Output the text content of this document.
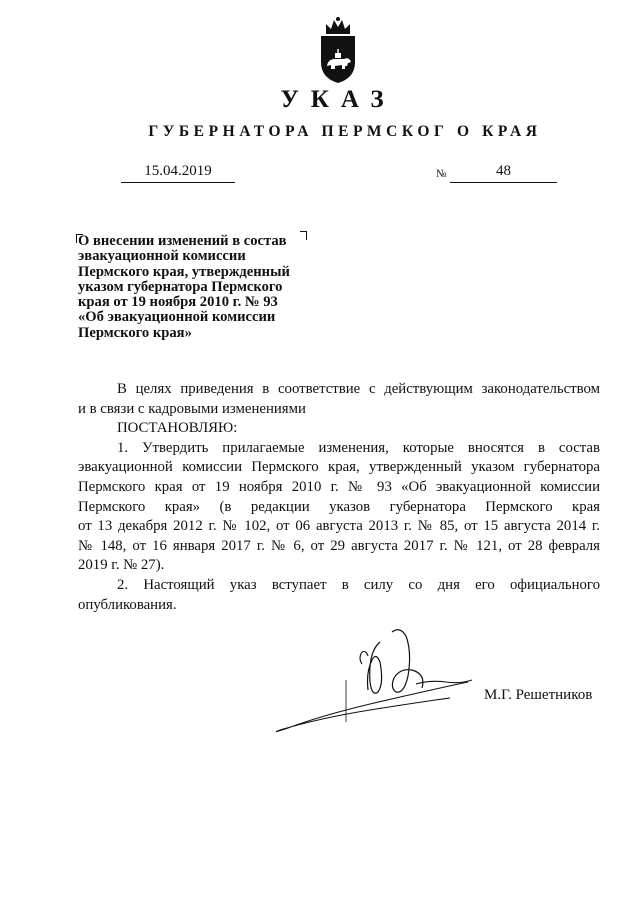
УКАЗ
ГУБЕРНАТОРА ПЕРМСКОГ О КРАЯ
15.04.2019	№	48
О внесении изменений в состав
эвакуационной комиссии
Пермского края, утвержденный
указом губернатора Пермского
края от 19 ноября 2010 г. № 93
«Об эвакуационной комиссии
Пермского края»
В целях приведения в соответствие с действующим законодательством
и в связи с кадровыми изменениями
ПОСТАНОВЛЯЮ:
1. Утвердить прилагаемые изменения, которые вносятся в состав
эвакуационной комиссии Пермского края, утвержденный указом губернатора
Пермского края от 19 ноября 2010 г. № 93 «Об эвакуационной комиссии
Пермского края» (в редакции указов губернатора Пермского края
от 13 декабря 2012 г. № 102, от 06 августа 2013 г. № 85, от 15 августа 2014 г.
№ 148, от 16 января 2017 г. № 6, от 29 августа 2017 г. № 121, от 28 февраля
2019 г. № 27).
2. Настоящий указ вступает в силу со дня его официального
опубликования.
М.Г. Решетников
